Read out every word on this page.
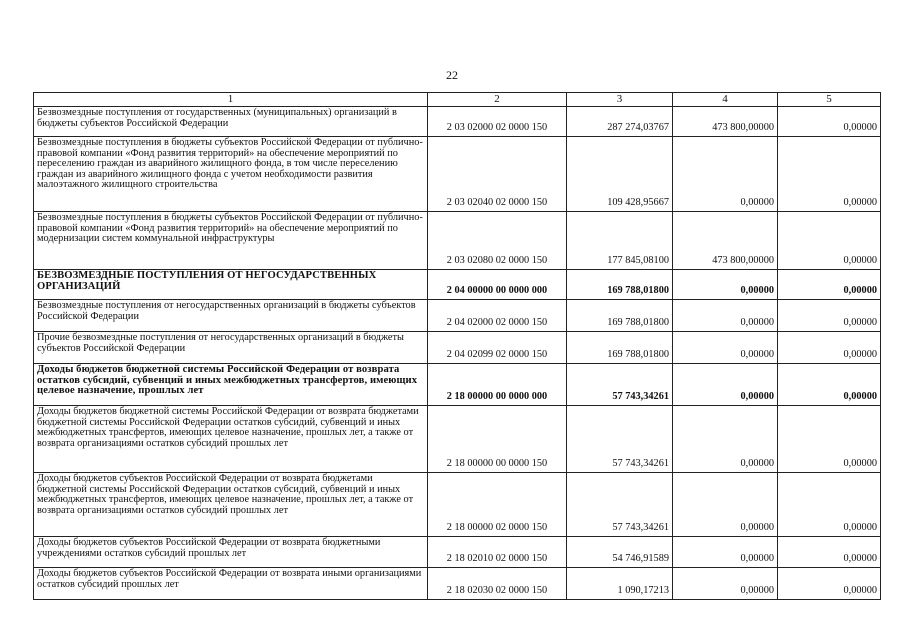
22
1	2	3	4	5
Безвозмездные поступления от государственных (муниципальных) организаций в бюджеты субъектов Российской Федерации	2 03 02000 02 0000 150	287 274,03767	473 800,00000	0,00000
Безвозмездные поступления в бюджеты субъектов Российской Федерации от публично-правовой компании «Фонд развития территорий» на обеспечение мероприятий по переселению граждан из аварийного жилищного фонда, в том числе переселению граждан из аварийного жилищного фонда с учетом необходимости развития малоэтажного жилищного строительства	2 03 02040 02 0000 150	109 428,95667	0,00000	0,00000
Безвозмездные поступления в бюджеты субъектов Российской Федерации от публично-правовой компании «Фонд развития территорий» на обеспечение мероприятий по модернизации систем коммунальной инфраструктуры	2 03 02080 02 0000 150	177 845,08100	473 800,00000	0,00000
БЕЗВОЗМЕЗДНЫЕ ПОСТУПЛЕНИЯ ОТ НЕГОСУДАРСТВЕННЫХ ОРГАНИЗАЦИЙ	2 04 00000 00 0000 000	169 788,01800	0,00000	0,00000
Безвозмездные поступления от негосударственных организаций в бюджеты субъектов Российской Федерации	2 04 02000 02 0000 150	169 788,01800	0,00000	0,00000
Прочие безвозмездные поступления от негосударственных организаций в бюджеты субъектов Российской Федерации	2 04 02099 02 0000 150	169 788,01800	0,00000	0,00000
Доходы бюджетов бюджетной системы Российской Федерации от возврата остатков субсидий, субвенций и иных межбюджетных трансфертов, имеющих целевое назначение, прошлых лет	2 18 00000 00 0000 000	57 743,34261	0,00000	0,00000
Доходы бюджетов бюджетной системы Российской Федерации от возврата бюджетами бюджетной системы Российской Федерации остатков субсидий, субвенций и иных межбюджетных трансфертов, имеющих целевое назначение, прошлых лет, а также от возврата организациями остатков субсидий прошлых лет	2 18 00000 00 0000 150	57 743,34261	0,00000	0,00000
Доходы бюджетов субъектов Российской Федерации от возврата бюджетами бюджетной системы Российской Федерации остатков субсидий, субвенций и иных межбюджетных трансфертов, имеющих целевое назначение, прошлых лет, а также от возврата организациями остатков субсидий прошлых лет	2 18 00000 02 0000 150	57 743,34261	0,00000	0,00000
Доходы бюджетов субъектов Российской Федерации от возврата бюджетными учреждениями остатков субсидий прошлых лет	2 18 02010 02 0000 150	54 746,91589	0,00000	0,00000
Доходы бюджетов субъектов Российской Федерации от возврата иными организациями остатков субсидий прошлых лет	2 18 02030 02 0000 150	1 090,17213	0,00000	0,00000
